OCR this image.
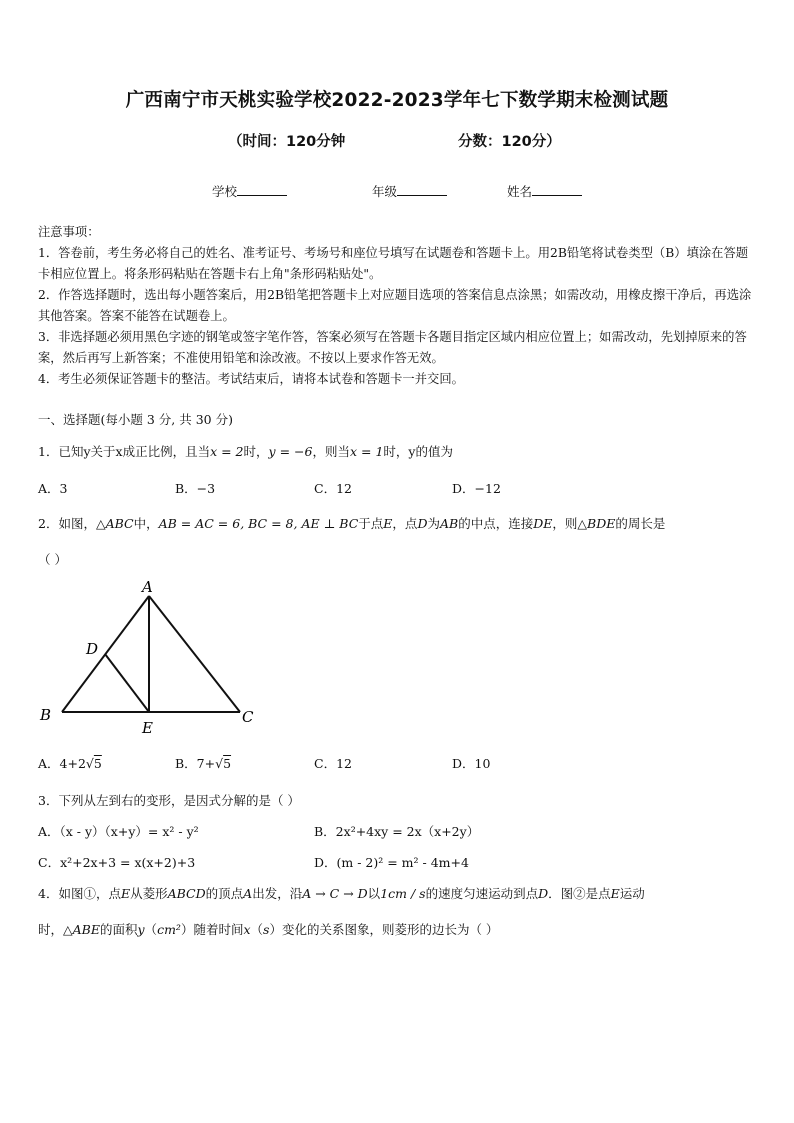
广西南宁市天桃实验学校2022-2023学年七下数学期末检测试题
（时间：120分钟	分数：120分）
学校	年级	姓名

注意事项：

1．答卷前，考生务必将自己的姓名、准考证号、考场号和座位号填写在试题卷和答题卡上。用2B铅笔将试卷类型（B）填涂在答题卡相应位置上。将条形码粘贴在答题卡右上角"条形码粘贴处"。

2．作答选择题时，选出每小题答案后，用2B铅笔把答题卡上对应题目选项的答案信息点涂黑；如需改动，用橡皮擦干净后，再选涂其他答案。答案不能答在试题卷上。

3．非选择题必须用黑色字迹的钢笔或签字笔作答，答案必须写在答题卡各题目指定区域内相应位置上；如需改动，先划掉原来的答案，然后再写上新答案；不准使用铅笔和涂改液。不按以上要求作答无效。

4．考生必须保证答题卡的整洁。考试结束后，请将本试卷和答题卡一并交回。

一、选择题(每小题 3 分, 共 30 分)
1．已知y关于x成正比例，且当x = 2时，y = −6，则当x = 1时，y的值为
A．3	B．−3	C．12	D．−12
2．如图，△ABC中，AB = AC = 6, BC = 8, AE ⊥ BC于点E，点D为AB的中点，连接DE，则△BDE的周长是
（ ）
A
B	C
D
E
A．4+2√5	B．7+√5	C．12	D．10
3．下列从左到右的变形，是因式分解的是（ ）
A．（x - y）（x+y）= x² - y²	B．2x²+4xy = 2x（x+2y）
C．x²+2x+3 = x(x+2)+3	D．(m - 2)² = m² - 4m+4
4．如图①，点E从菱形ABCD的顶点A出发，沿A → C → D以1cm / s的速度匀速运动到点D．图②是点E运动
时，△ABE的面积y（cm²）随着时间x（s）变化的关系图象，则菱形的边长为（ ）
